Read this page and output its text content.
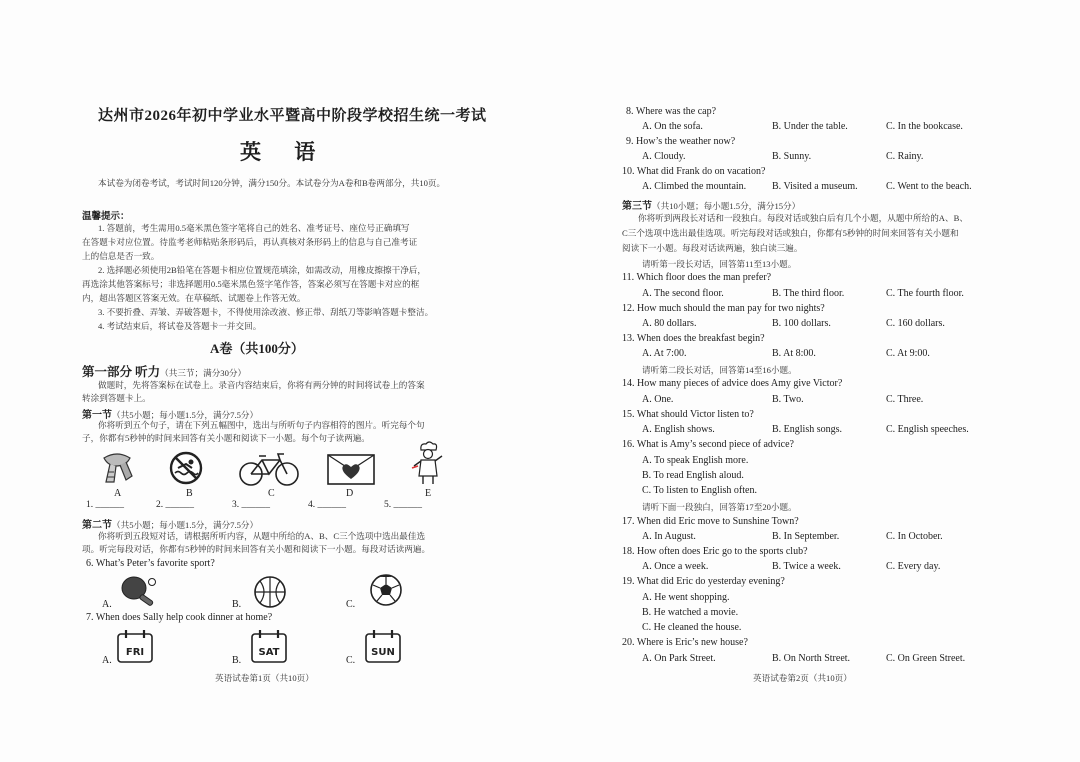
达州市2026年初中学业水平暨高中阶段学校招生统一考试
英 语
本试卷为闭卷考试，考试时间120分钟，满分150分。本试卷分为A卷和B卷两部分，共10页。
温馨提示：
1. 答题前，考生需用0.5毫米黑色签字笔将自己的姓名、准考证号、座位号正确填写
在答题卡对应位置。待监考老师粘贴条形码后，再认真核对条形码上的信息与自己准考证
上的信息是否一致。
2. 选择题必须使用2B铅笔在答题卡相应位置规范填涂，如需改动，用橡皮擦擦干净后，
再选涂其他答案标号；非选择题用0.5毫米黑色签字笔作答，答案必须写在答题卡对应的框
内，超出答题区答案无效。在草稿纸、试题卷上作答无效。
3. 不要折叠、弄皱、弄破答题卡，不得使用涂改液、修正带、刮纸刀等影响答题卡整洁。
4. 考试结束后，将试卷及答题卡一并交回。
A卷（共100分）
第一部分 听力（共三节；满分30分）
做题时，先将答案标在试卷上。录音内容结束后，你将有两分钟的时间将试卷上的答案
转涂到答题卡上。
第一节（共5小题；每小题1.5分，满分7.5分）
你将听到五个句子，请在下列五幅图中，选出与所听句子内容相符的图片。听完每个句
子，你都有5秒钟的时间来回答有关小题和阅读下一小题。每个句子读两遍。
A	B	C	D	E
1. ______	2. ______	3. ______	4. ______	5. ______
第二节（共5小题；每小题1.5分，满分7.5分）
你将听到五段短对话，请根据所听内容，从题中所给的A、B、C三个选项中选出最佳选
项。听完每段对话，你都有5秒钟的时间来回答有关小题和阅读下一小题。每段对话读两遍。
6. What’s Peter’s favorite sport?
A.	B.	C.
7. When does Sally help cook dinner at home?
A.	B.	C.
FRI	SAT	SUN
英语试卷第1页（共10页）
8. Where was the cap?
A. On the sofa.	B. Under the table.	C. In the bookcase.
9. How’s the weather now?
A. Cloudy.	B. Sunny.	C. Rainy.
10. What did Frank do on vacation?
A. Climbed the mountain.	B. Visited a museum.	C. Went to the beach.
第三节（共10小题；每小题1.5分，满分15分）
你将听到两段长对话和一段独白。每段对话或独白后有几个小题，从题中所给的A、B、
C三个选项中选出最佳选项。听完每段对话或独白，你都有5秒钟的时间来回答有关小题和
阅读下一小题。每段对话读两遍，独白读三遍。
请听第一段长对话，回答第11至13小题。
11. Which floor does the man prefer?
A. The second floor.	B. The third floor.	C. The fourth floor.
12. How much should the man pay for two nights?
A. 80 dollars.	B. 100 dollars.	C. 160 dollars.
13. When does the breakfast begin?
A. At 7:00.	B. At 8:00.	C. At 9:00.
请听第二段长对话，回答第14至16小题。
14. How many pieces of advice does Amy give Victor?
A. One.	B. Two.	C. Three.
15. What should Victor listen to?
A. English shows.	B. English songs.	C. English speeches.
16. What is Amy’s second piece of advice?
A. To speak English more.
B. To read English aloud.
C. To listen to English often.
请听下面一段独白，回答第17至20小题。
17. When did Eric move to Sunshine Town?
A. In August.	B. In September.	C. In October.
18. How often does Eric go to the sports club?
A. Once a week.	B. Twice a week.	C. Every day.
19. What did Eric do yesterday evening?
A. He went shopping.
B. He watched a movie.
C. He cleaned the house.
20. Where is Eric’s new house?
A. On Park Street.	B. On North Street.	C. On Green Street.
英语试卷第2页（共10页）
